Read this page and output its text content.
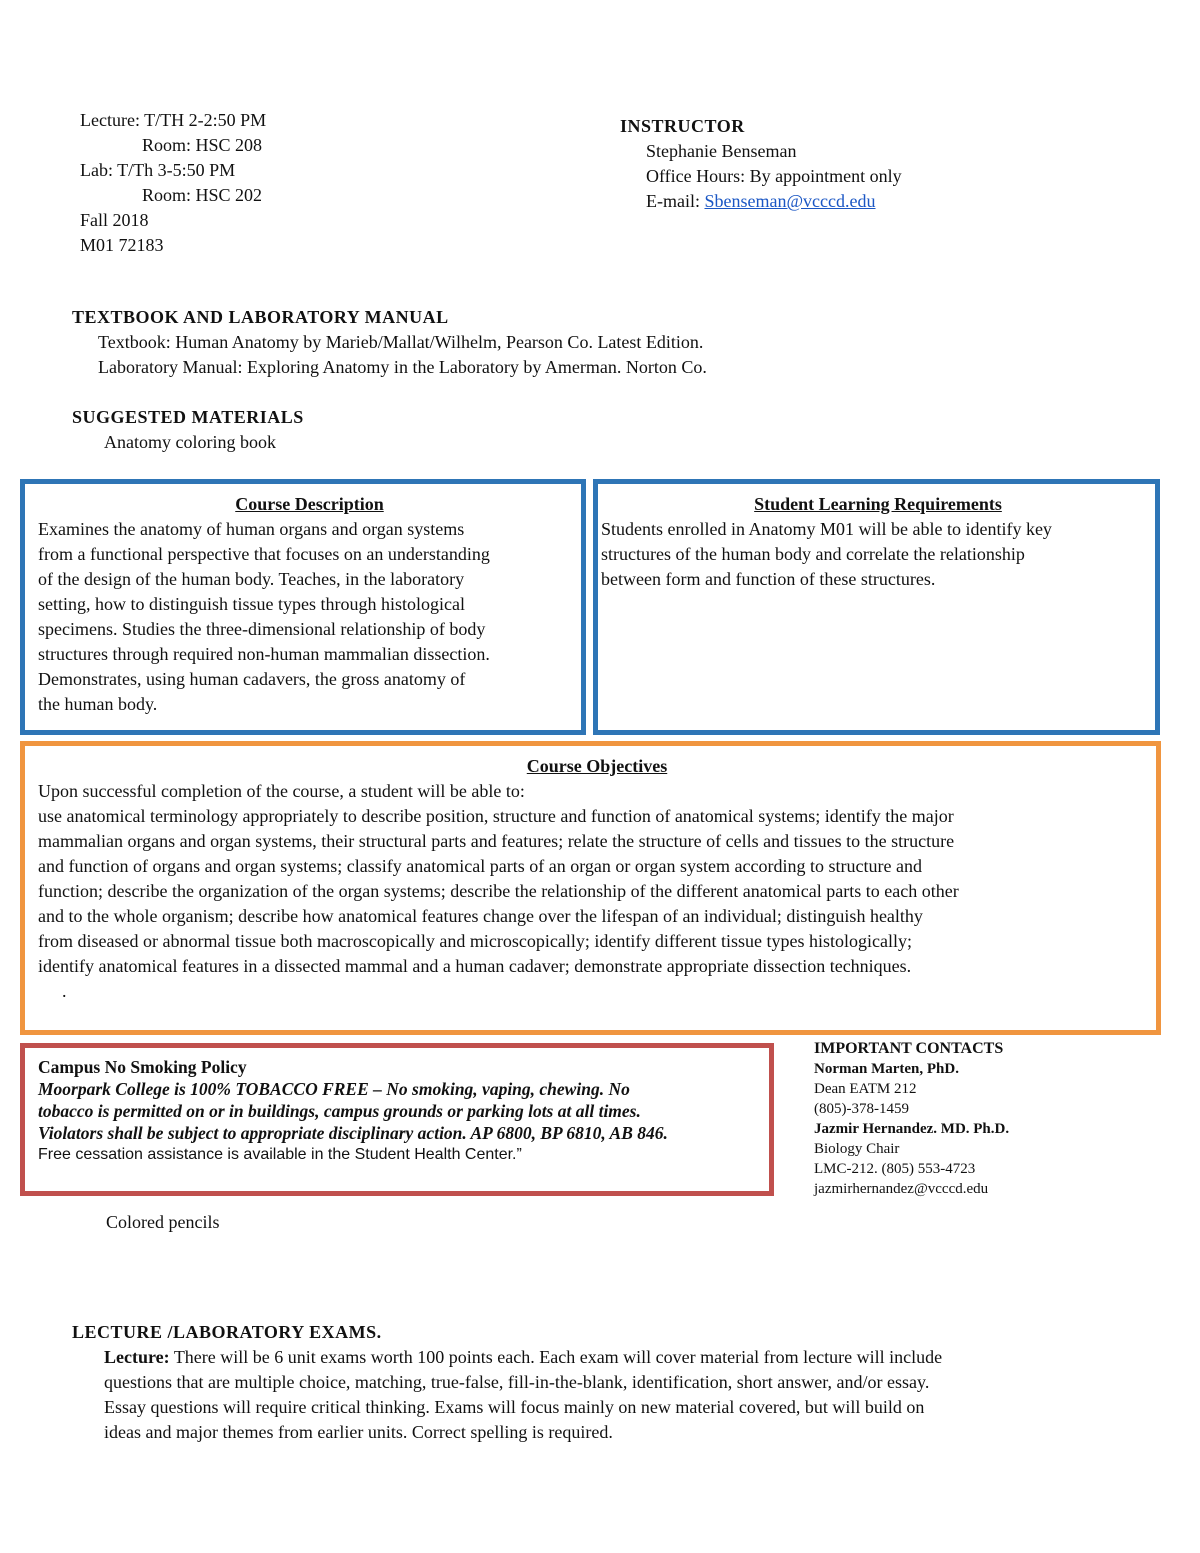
Lecture: T/TH 2-2:50 PM
Room: HSC 208
Lab: T/Th 3-5:50 PM
Room: HSC 202
Fall 2018
M01 72183
INSTRUCTOR
Stephanie Benseman
Office Hours: By appointment only
E-mail: Sbenseman@vcccd.edu
TEXTBOOK AND LABORATORY MANUAL
Textbook: Human Anatomy by Marieb/Mallat/Wilhelm, Pearson Co. Latest Edition.
Laboratory Manual: Exploring Anatomy in the Laboratory by Amerman. Norton Co.
SUGGESTED MATERIALS
Anatomy coloring book
Course Description
Examines the anatomy of human organs and organ systems
from a functional perspective that focuses on an understanding
of the design of the human body. Teaches, in the laboratory
setting, how to distinguish tissue types through histological
specimens. Studies the three-dimensional relationship of body
structures through required non-human mammalian dissection.
Demonstrates, using human cadavers, the gross anatomy of
the human body.
Student Learning Requirements
Students enrolled in Anatomy M01 will be able to identify key
structures of the human body and correlate the relationship
between form and function of these structures.
Course Objectives
Upon successful completion of the course, a student will be able to:
use anatomical terminology appropriately to describe position, structure and function of anatomical systems; identify the major
mammalian organs and organ systems, their structural parts and features; relate the structure of cells and tissues to the structure
and function of organs and organ systems; classify anatomical parts of an organ or organ system according to structure and
function; describe the organization of the organ systems; describe the relationship of the different anatomical parts to each other
and to the whole organism; describe how anatomical features change over the lifespan of an individual; distinguish healthy
from diseased or abnormal tissue both macroscopically and microscopically; identify different tissue types histologically;
identify anatomical features in a dissected mammal and a human cadaver; demonstrate appropriate dissection techniques.
.
Campus No Smoking Policy
Moorpark College is 100% TOBACCO FREE – No smoking, vaping, chewing. No
tobacco is permitted on or in buildings, campus grounds or parking lots at all times.
Violators shall be subject to appropriate disciplinary action. AP 6800, BP 6810, AB 846.
Free cessation assistance is available in the Student Health Center.”
IMPORTANT CONTACTS
Norman Marten, PhD.
Dean EATM 212
(805)-378-1459
Jazmir Hernandez. MD. Ph.D.
Biology Chair
LMC-212. (805) 553-4723
jazmirhernandez@vcccd.edu
Colored pencils
LECTURE /LABORATORY EXAMS.
Lecture: There will be 6 unit exams worth 100 points each. Each exam will cover material from lecture will include
questions that are multiple choice, matching, true-false, fill-in-the-blank, identification, short answer, and/or essay.
Essay questions will require critical thinking. Exams will focus mainly on new material covered, but will build on
ideas and major themes from earlier units. Correct spelling is required.
